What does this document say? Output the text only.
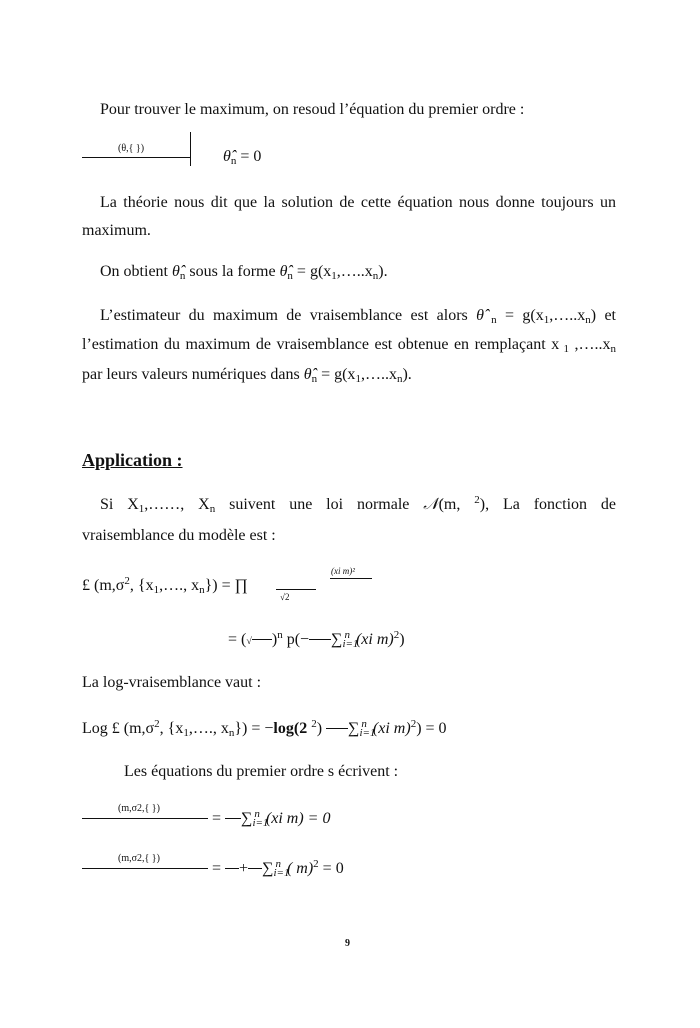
Pour trouver le maximum, on resoud l’équation du premier ordre :
(θ,{ })	$\thetâ_n = 0$
La théorie nous dit que la solution de cette équation nous donne toujours un
maximum.
On obtient $\thetâ_n$ sous la forme $\thetâ_n$ = $g(x_1,\dots..x_n)$.
L’estimateur du maximum de vraisemblance est alors θ̂ $_n = g(x_1,\dots..x_n)$ et
l’estimation du maximum de vraisemblance est obtenue en remplaçant x $_1$ $,\dots..x_n$
par leurs valeurs numériques dans $\thetâ_n$ = $g(x_1,\dots..x_n)$.
Application :
Si $X_1,\dots\dots$, $X_n$ suivent une loi normale 𝒩(m, $^2$), La fonction de
vraisemblance du modèle est :
£ ($m,\sigma^2$, {$x_1,\dots$., $x_n$}) = ∏
√2
(xi m)²
= (√ )$^n$ $p(- \sum_{i=1}^n$ (xi m)$^2$)
La log-vraisemblance vaut :
Log £ ($m,\sigma^2$, {$x_1,\dots$., $x_n\}) = -\log(2$ $^2$) $\sum_{i=1}^n$ (xi m)$^2$) = 0
Les équations du premier ordre s écrivent :
(m,σ2,{ })
= $\sum_{i=1}^n$ (xi m) = 0
(m,σ2,{ })
= + $\sum_{i=1}^n$ ( m)$^2$ = 0
9
